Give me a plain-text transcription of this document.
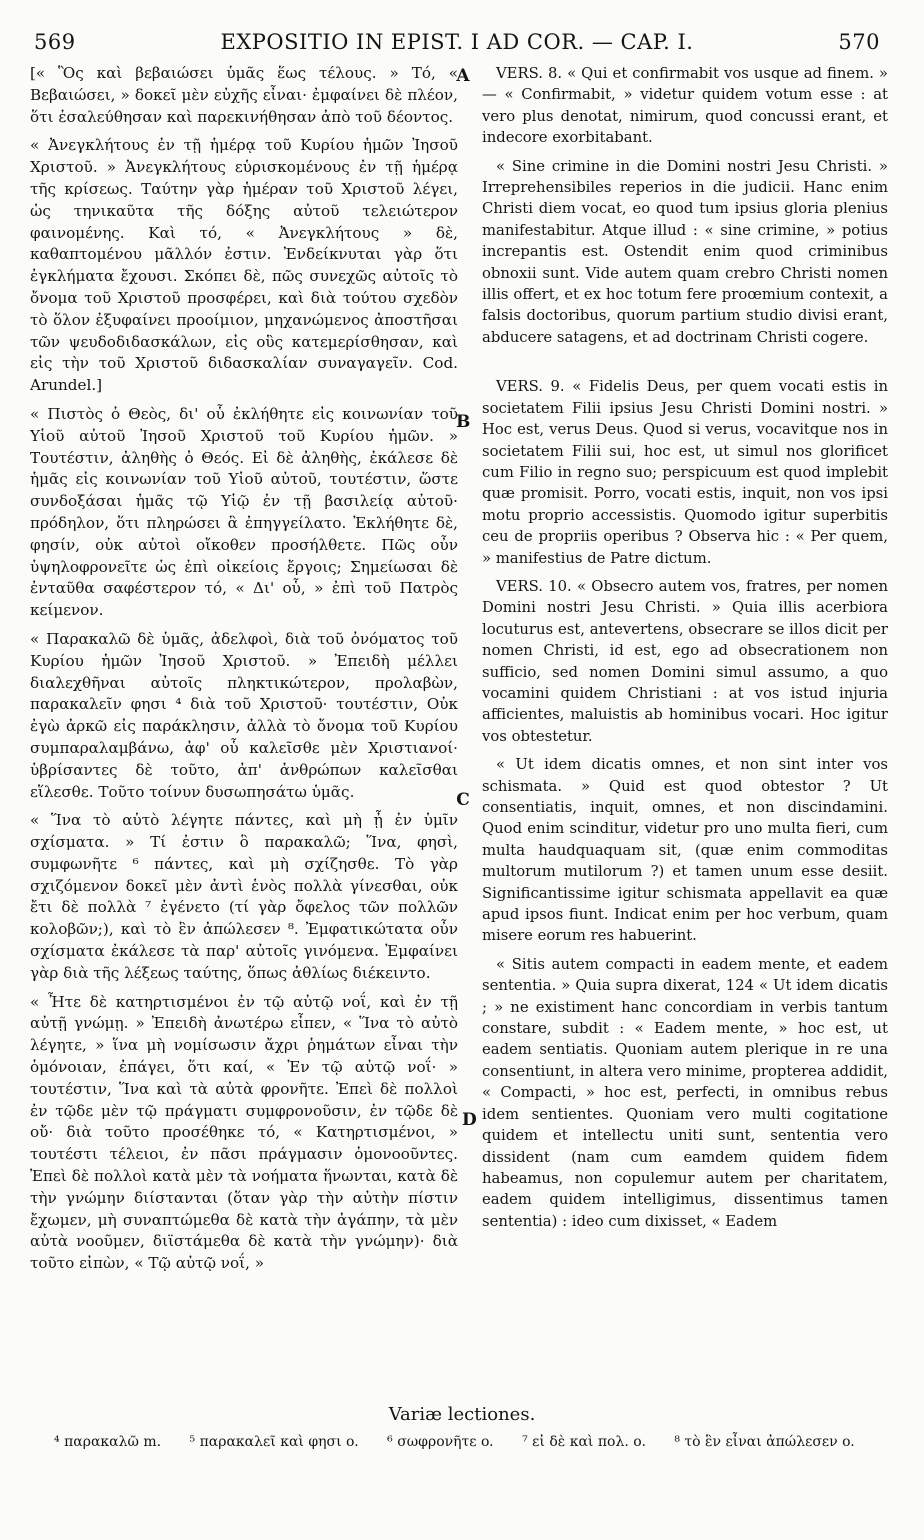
569	EXPOSITIO IN EPIST. I AD COR. — CAP. I.	570
A
B
C
D

[« Ὃς καὶ βεβαιώσει ὑμᾶς ἕως τέλους. » Τό, « Βεβαιώσει, » δοκεῖ μὲν εὐχῆς εἶναι· ἐμφαίνει δὲ πλέον, ὅτι ἐσαλεύθησαν καὶ παρεκινήθησαν ἀπὸ τοῦ δέοντος.

« Ἀνεγκλήτους ἐν τῇ ἡμέρᾳ τοῦ Κυρίου ἡμῶν Ἰησοῦ Χριστοῦ. » Ἀνεγκλήτους εὑρισκομένους ἐν τῇ ἡμέρᾳ τῆς κρίσεως. Ταύτην γὰρ ἡμέραν τοῦ Χριστοῦ λέγει, ὡς τηνικαῦτα τῆς δόξης αὐτοῦ τελειώτερον φαινομένης. Καὶ τό, « Ἀνεγκλήτους » δὲ, καθαπτομένου μᾶλλόν ἐστιν. Ἐνδείκνυται γὰρ ὅτι ἐγκλήματα ἔχουσι. Σκόπει δὲ, πῶς συνεχῶς αὐτοῖς τὸ ὄνομα τοῦ Χριστοῦ προσφέρει, καὶ διὰ τούτου σχεδὸν τὸ ὅλον ἐξυφαίνει προοίμιον, μηχανώμενος ἀποστῆσαι τῶν ψευδοδιδασκάλων, εἰς οὓς κατεμερίσθησαν, καὶ εἰς τὴν τοῦ Χριστοῦ διδασκαλίαν συναγαγεῖν. Cod. Arundel.]

« Πιστὸς ὁ Θεὸς, δι' οὗ ἐκλήθητε εἰς κοινωνίαν τοῦ Υἱοῦ αὐτοῦ Ἰησοῦ Χριστοῦ τοῦ Κυρίου ἡμῶν. » Τουτέστιν, ἀληθὴς ὁ Θεός. Εἰ δὲ ἀληθὴς, ἐκάλεσε δὲ ἡμᾶς εἰς κοινωνίαν τοῦ Υἱοῦ αὐτοῦ, τουτέστιν, ὥστε συνδοξάσαι ἡμᾶς τῷ Υἱῷ ἐν τῇ βασιλείᾳ αὐτοῦ· πρόδηλον, ὅτι πληρώσει ἃ ἐπηγγείλατο. Ἐκλήθητε δὲ, φησίν, οὐκ αὐτοὶ οἴκοθεν προσήλθετε. Πῶς οὖν ὑψηλοφρονεῖτε ὡς ἐπὶ οἰκείοις ἔργοις; Σημείωσαι δὲ ἐνταῦθα σαφέστερον τό, « Δι' οὗ, » ἐπὶ τοῦ Πατρὸς κείμενον.

« Παρακαλῶ δὲ ὑμᾶς, ἀδελφοὶ, διὰ τοῦ ὀνόματος τοῦ Κυρίου ἡμῶν Ἰησοῦ Χριστοῦ. » Ἐπειδὴ μέλλει διαλεχθῆναι αὐτοῖς πληκτικώτερον, προλαβὼν, παρακαλεῖν φησι ⁴ διὰ τοῦ Χριστοῦ· τουτέστιν, Οὐκ ἐγὼ ἀρκῶ εἰς παράκλησιν, ἀλλὰ τὸ ὄνομα τοῦ Κυρίου συμπαραλαμβάνω, ἀφ' οὗ καλεῖσθε μὲν Χριστιανοί· ὑβρίσαντες δὲ τοῦτο, ἀπ' ἀνθρώπων καλεῖσθαι εἵλεσθε. Τοῦτο τοίνυν δυσωπησάτω ὑμᾶς.

« Ἵνα τὸ αὐτὸ λέγητε πάντες, καὶ μὴ ᾖ ἐν ὑμῖν σχίσματα. » Τί ἐστιν ὃ παρακαλῶ; Ἵνα, φησὶ, συμφωνῆτε ⁶ πάντες, καὶ μὴ σχίζησθε. Τὸ γὰρ σχιζόμενον δοκεῖ μὲν ἀντὶ ἑνὸς πολλὰ γίνεσθαι, οὐκ ἔτι δὲ πολλὰ ⁷ ἐγένετο (τί γὰρ ὄφελος τῶν πολλῶν κολοβῶν;), καὶ τὸ ἓν ἀπώλεσεν ⁸. Ἐμφατικώτατα οὖν σχίσματα ἐκάλεσε τὰ παρ' αὐτοῖς γινόμενα. Ἐμφαίνει γὰρ διὰ τῆς λέξεως ταύτης, ὅπως ἀθλίως διέκειντο.

« Ἦτε δὲ κατηρτισμένοι ἐν τῷ αὐτῷ νοΐ, καὶ ἐν τῇ αὐτῇ γνώμῃ. » Ἐπειδὴ ἀνωτέρω εἶπεν, « Ἵνα τὸ αὐτὸ λέγητε, » ἵνα μὴ νομίσωσιν ἄχρι ῥημάτων εἶναι τὴν ὁμόνοιαν, ἐπάγει, ὅτι καί, « Ἐν τῷ αὐτῷ νοΐ· » τουτέστιν, Ἵνα καὶ τὰ αὐτὰ φρονῆτε. Ἐπεὶ δὲ πολλοὶ ἐν τῷδε μὲν τῷ πράγματι συμφρονοῦσιν, ἐν τῷδε δὲ οὔ· διὰ τοῦτο προσέθηκε τό, « Κατηρτισμένοι, » τουτέστι τέλειοι, ἐν πᾶσι πράγμασιν ὁμονοοῦντες. Ἐπεὶ δὲ πολλοὶ κατὰ μὲν τὰ νοήματα ἥνωνται, κατὰ δὲ τὴν γνώμην διίστανται (ὅταν γὰρ τὴν αὐτὴν πίστιν ἔχωμεν, μὴ συναπτώμεθα δὲ κατὰ τὴν ἀγάπην, τὰ μὲν αὐτὰ νοοῦμεν, διϊστάμεθα δὲ κατὰ τὴν γνώμην)· διὰ τοῦτο εἰπὼν, « Τῷ αὐτῷ νοΐ, »

VERS. 8. « Qui et confirmabit vos usque ad finem. » — « Confirmabit, » videtur quidem votum esse : at vero plus denotat, nimirum, quod concussi erant, et indecore exorbitabant.

« Sine crimine in die Domini nostri Jesu Christi. » Irreprehensibiles reperios in die judicii. Hanc enim Christi diem vocat, eo quod tum ipsius gloria plenius manifestabitur. Atque illud : « sine crimine, » potius increpantis est. Ostendit enim quod criminibus obnoxii sunt. Vide autem quam crebro Christi nomen illis offert, et ex hoc totum fere proœmium contexit, a falsis doctoribus, quorum partium studio divisi erant, abducere satagens, et ad doctrinam Christi cogere.

VERS. 9. « Fidelis Deus, per quem vocati estis in societatem Filii ipsius Jesu Christi Domini nostri. » Hoc est, verus Deus. Quod si verus, vocavitque nos in societatem Filii sui, hoc est, ut simul nos glorificet cum Filio in regno suo; perspicuum est quod implebit quæ promisit. Porro, vocati estis, inquit, non vos ipsi motu proprio accessistis. Quomodo igitur superbitis ceu de propriis operibus ? Observa hic : « Per quem, » manifestius de Patre dictum.

VERS. 10. « Obsecro autem vos, fratres, per nomen Domini nostri Jesu Christi. » Quia illis acerbiora locuturus est, antevertens, obsecrare se illos dicit per nomen Christi, id est, ego ad obsecrationem non sufficio, sed nomen Domini simul assumo, a quo vocamini quidem Christiani : at vos istud injuria afficientes, maluistis ab hominibus vocari. Hoc igitur vos obtestetur.

« Ut idem dicatis omnes, et non sint inter vos schismata. » Quid est quod obtestor ? Ut consentiatis, inquit, omnes, et non discindamini. Quod enim scinditur, videtur pro uno multa fieri, cum multa haudquaquam sit, (quæ enim commoditas multorum mutilorum ?) et tamen unum esse desiit. Significantissime igitur schismata appellavit ea quæ apud ipsos fiunt. Indicat enim per hoc verbum, quam misere eorum res habuerint.

« Sitis autem compacti in eadem mente, et eadem sententia. » Quia supra dixerat, 124 « Ut idem dicatis ; » ne existiment hanc concordiam in verbis tantum constare, subdit : « Eadem mente, » hoc est, ut eadem sentiatis. Quoniam autem plerique in re una consentiunt, in altera vero minime, propterea addidit, « Compacti, » hoc est, perfecti, in omnibus rebus idem sentientes. Quoniam vero multi cogitatione quidem et intellectu uniti sunt, sententia vero dissident (nam cum eamdem quidem fidem habeamus, non copulemur autem per charitatem, eadem quidem intelligimus, dissentimus tamen sententia) : ideo cum dixisset, « Eadem

Variæ lectiones.
⁴ παρακαλῶ m. ⁵ παρακαλεῖ καὶ φησι o. ⁶ σωφρονῆτε o. ⁷ εἰ δὲ καὶ πολ. o. ⁸ τὸ ἓν εἶναι ἀπώλεσεν o.
